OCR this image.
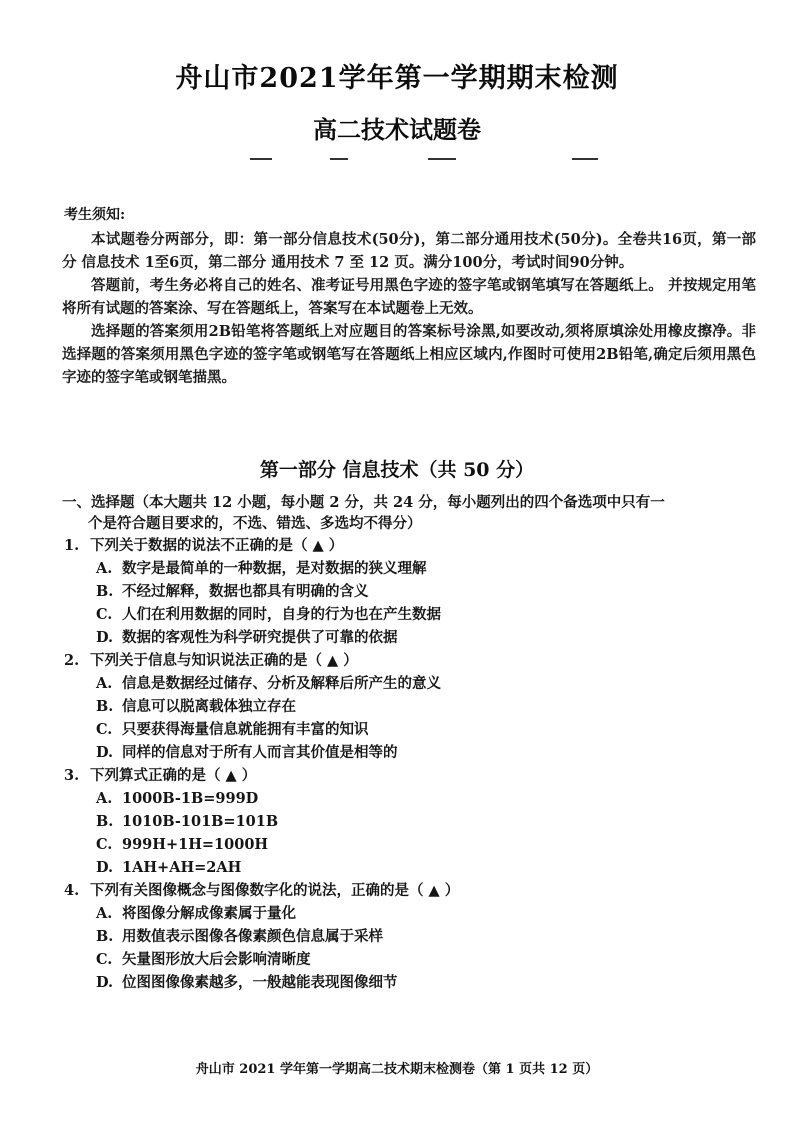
舟山市2021学年第一学期期末检测
高二技术试题卷
考生须知:

本试题卷分两部分，即：第一部分信息技术(50分)，第二部分通用技术(50分)。全卷共16页，第一部分 信息技术 1至6页，第二部分 通用技术 7 至 12 页。满分100分，考试时间90分钟。

答题前，考生务必将自己的姓名、准考证号用黑色字迹的签字笔或钢笔填写在答题纸上。 并按规定用笔将所有试题的答案涂、写在答题纸上，答案写在本试题卷上无效。

选择题的答案须用2B铅笔将答题纸上对应题目的答案标号涂黑,如要改动,须将原填涂处用橡皮擦净。非选择题的答案须用黑色字迹的签字笔或钢笔写在答题纸上相应区域内,作图时可使用2B铅笔,确定后须用黑色字迹的签字笔或钢笔描黑。

第一部分 信息技术（共 50 分）
一、选择题（本大题共 12 小题，每小题 2 分，共 24 分，每小题列出的四个备选项中只有一
个是符合题目要求的，不选、错选、多选均不得分）
1. 下列关于数据的说法不正确的是（ ▲ ）
A. 数字是最简单的一种数据，是对数据的狭义理解
B. 不经过解释，数据也都具有明确的含义
C. 人们在利用数据的同时，自身的行为也在产生数据
D. 数据的客观性为科学研究提供了可靠的依据
2. 下列关于信息与知识说法正确的是（ ▲ ）
A. 信息是数据经过储存、分析及解释后所产生的意义
B. 信息可以脱离载体独立存在
C. 只要获得海量信息就能拥有丰富的知识
D. 同样的信息对于所有人而言其价值是相等的
3. 下列算式正确的是（ ▲ ）
A. 1000B-1B=999D
B. 1010B-101B=101B
C. 999H+1H=1000H
D. 1AH+AH=2AH
4. 下列有关图像概念与图像数字化的说法，正确的是（ ▲ ）
A. 将图像分解成像素属于量化
B. 用数值表示图像各像素颜色信息属于采样
C. 矢量图形放大后会影响清晰度
D. 位图图像像素越多，一般越能表现图像细节
舟山市 2021 学年第一学期高二技术期末检测卷（第 1 页共 12 页）
